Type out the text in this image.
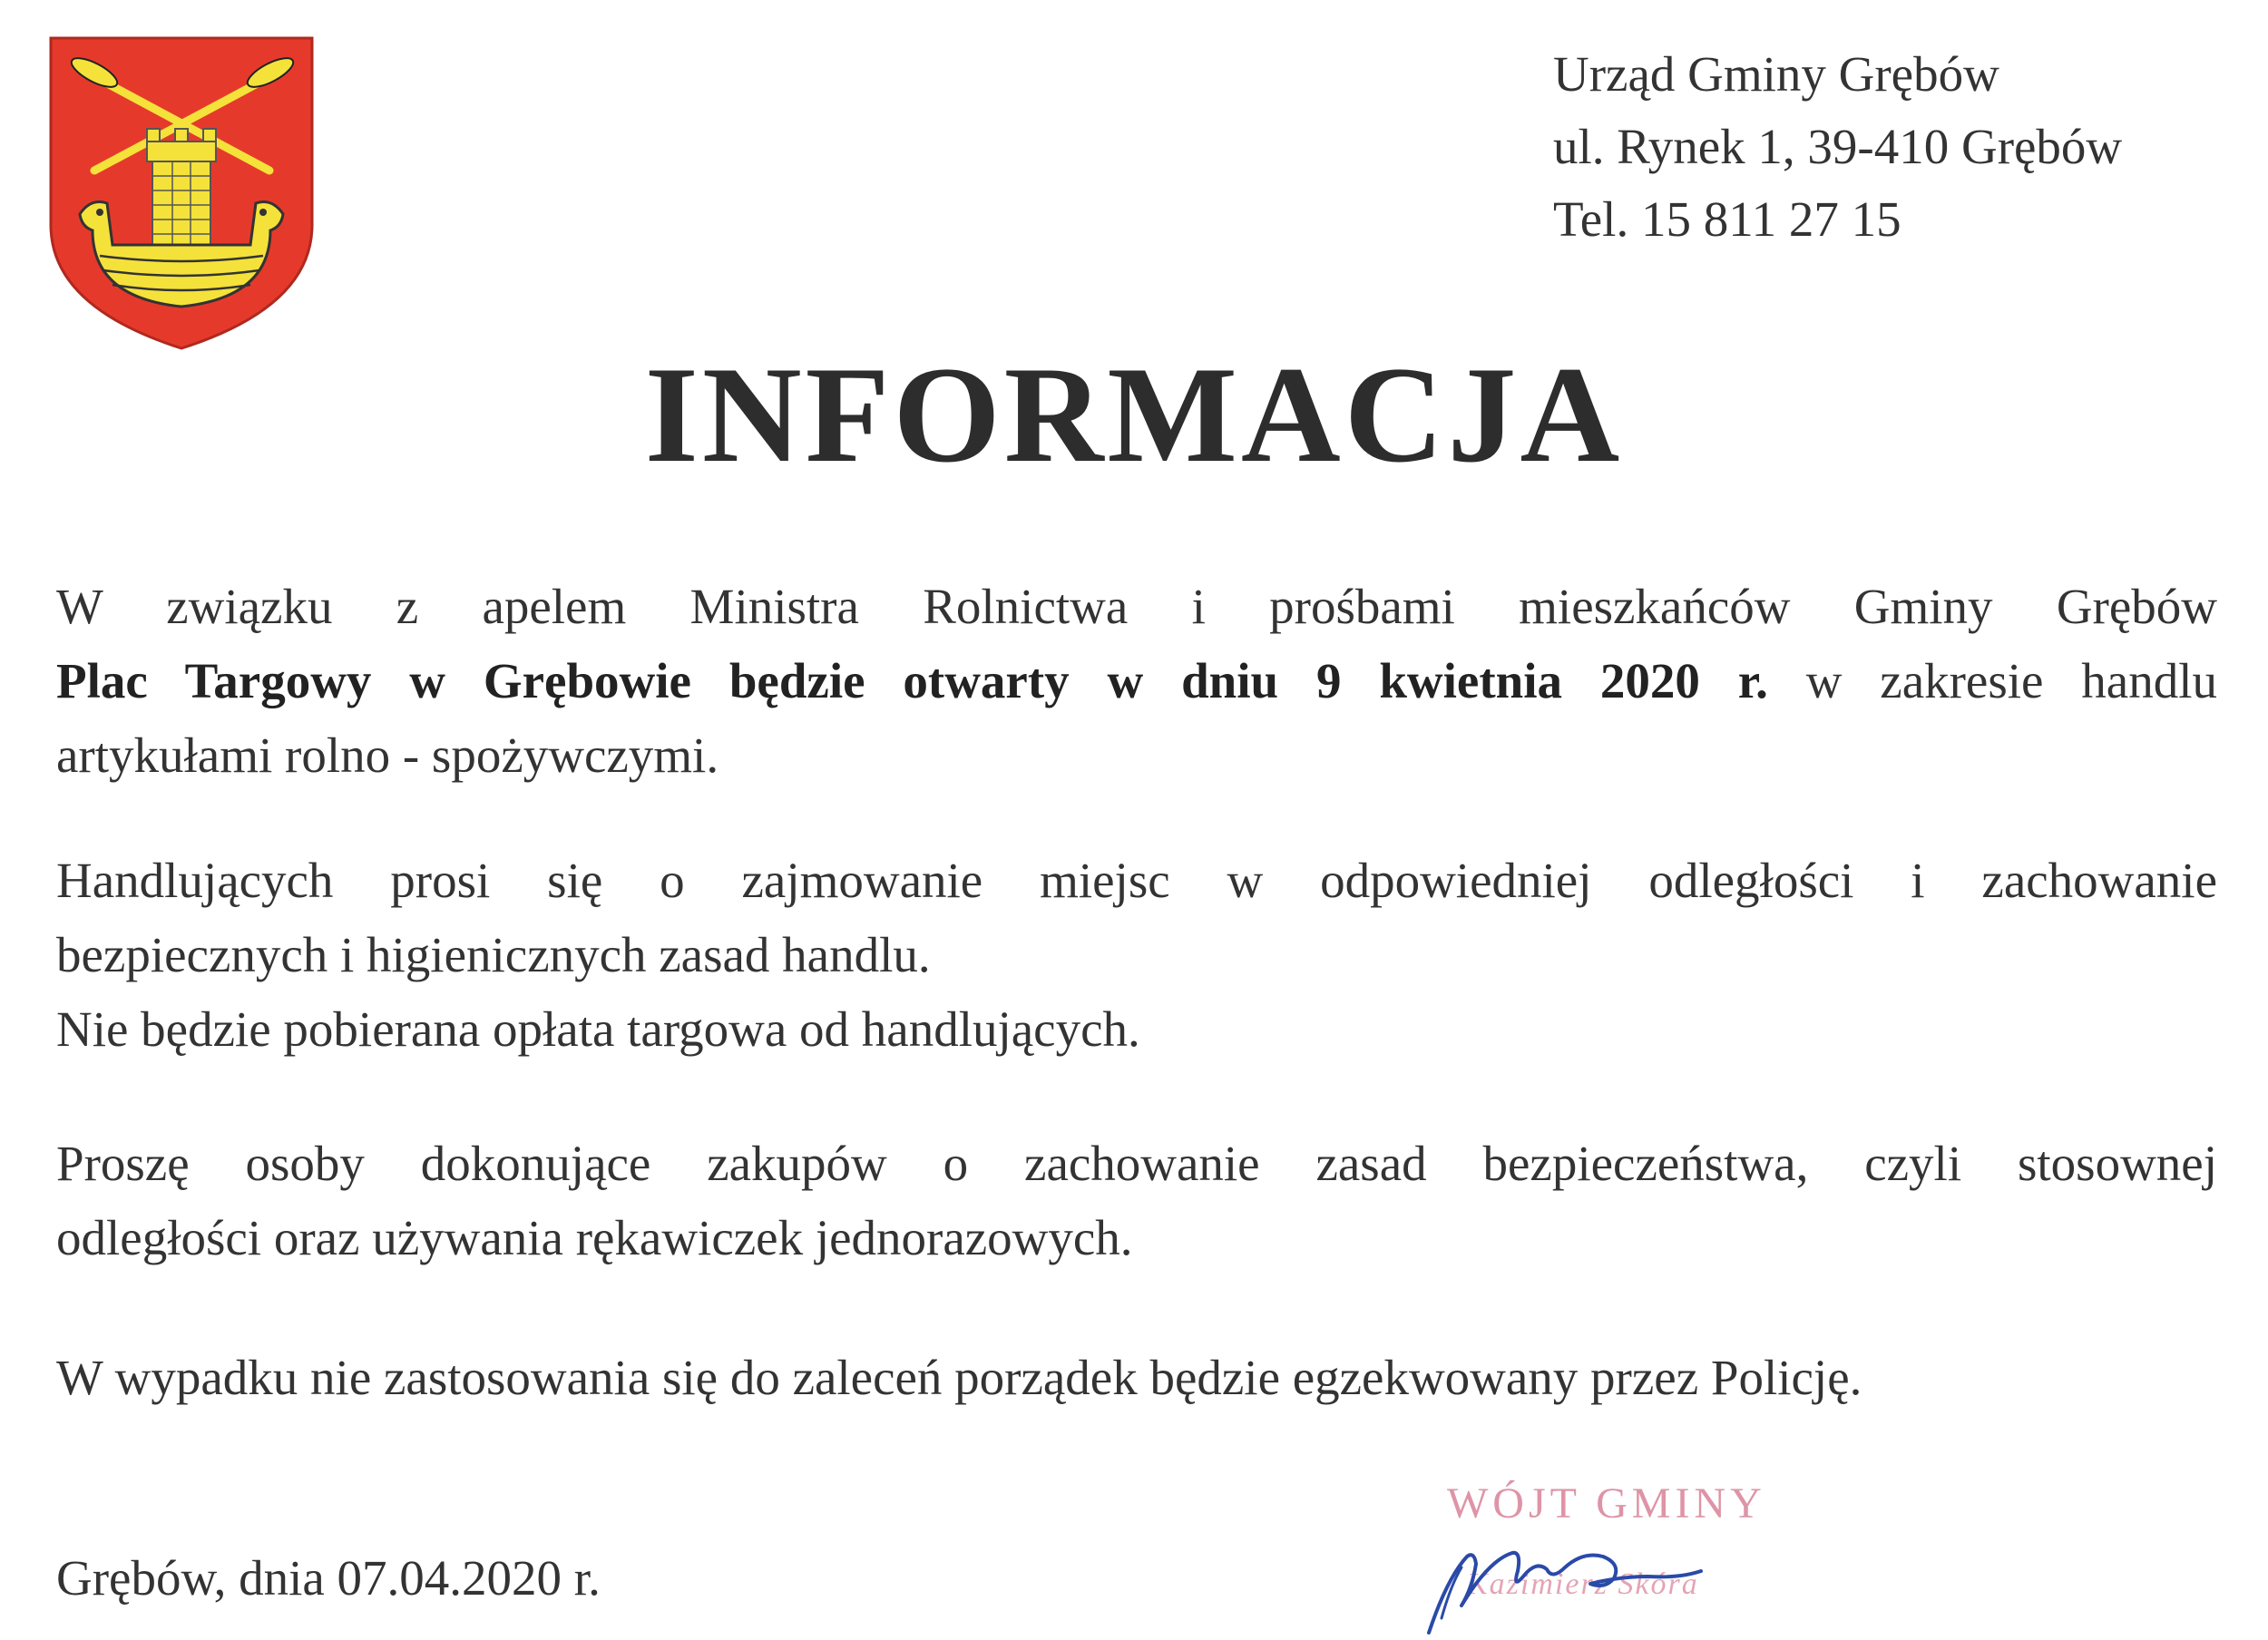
Urząd Gminy Grębów
ul. Rynek 1, 39-410 Grębów
Tel. 15 811 27 15
INFORMACJA
W związku z apelem Ministra Rolnictwa i prośbami mieszkańców Gminy Grębów
Plac Targowy w Grębowie będzie otwarty w dniu 9 kwietnia 2020 r. w zakresie handlu
artykułami rolno - spożywczymi.
Handlujących prosi się o zajmowanie miejsc w odpowiedniej odległości i zachowanie
bezpiecznych i higienicznych zasad handlu.
Nie będzie pobierana opłata targowa od handlujących.
Proszę osoby dokonujące zakupów o zachowanie zasad bezpieczeństwa, czyli stosownej
odległości oraz używania rękawiczek jednorazowych.
W wypadku nie zastosowania się do zaleceń porządek będzie egzekwowany przez Policję.
Grębów, dnia 07.04.2020 r.
WÓJT GMINY
Kazimierz Skóra
